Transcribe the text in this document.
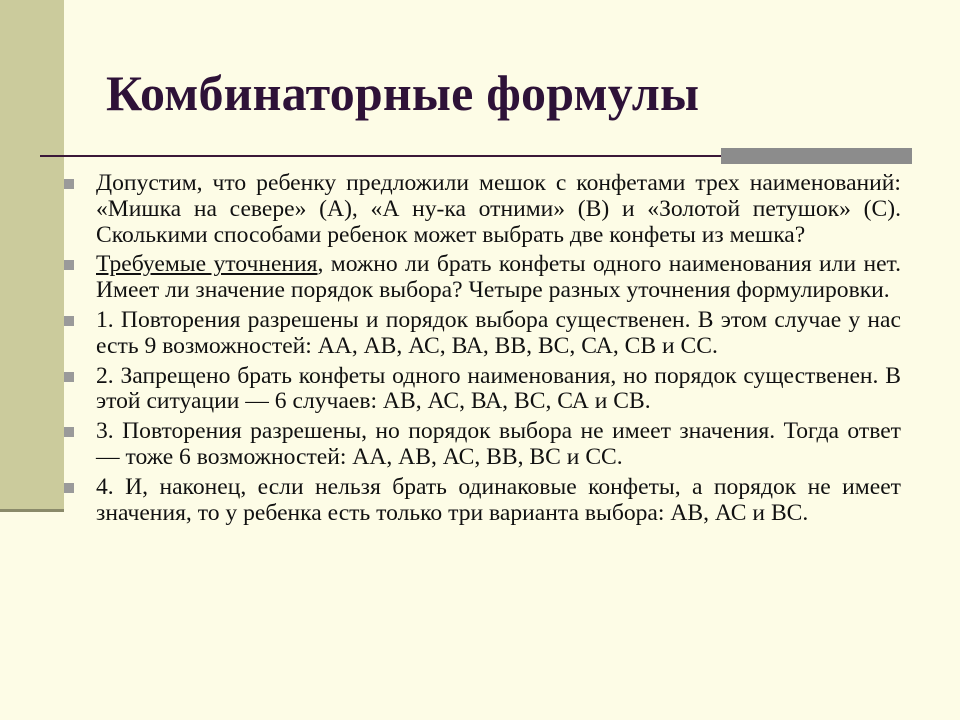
Комбинаторные формулы
Допустим, что ребенку предложили мешок с конфетами трех наименований: «Мишка на севере» (А), «А ну-ка отними» (В) и «Золотой петушок» (С). Сколькими способами ребенок может выбрать две конфеты из мешка?
Требуемые уточнения, можно ли брать конфеты одного наименования или нет. Имеет ли значение порядок выбора? Четыре разных уточнения формулировки.
1. Повторения разрешены и порядок выбора существенен. В этом случае у нас есть 9 возможностей: АА, АВ, АС, ВА, ВВ, ВС, СА, СВ и СС.
2. Запрещено брать конфеты одного наименования, но порядок существенен. В этой ситуации — 6 случаев: АВ, АС, ВА, ВС, СА и СВ.
3. Повторения разрешены, но порядок выбора не имеет значения. Тогда ответ — тоже 6 возможностей: АА, АВ, АС, ВВ, ВС и СС.
4. И, наконец, если нельзя брать одинаковые конфеты, а порядок не имеет значения, то у ребенка есть только три варианта выбора: АВ, АС и ВС.
